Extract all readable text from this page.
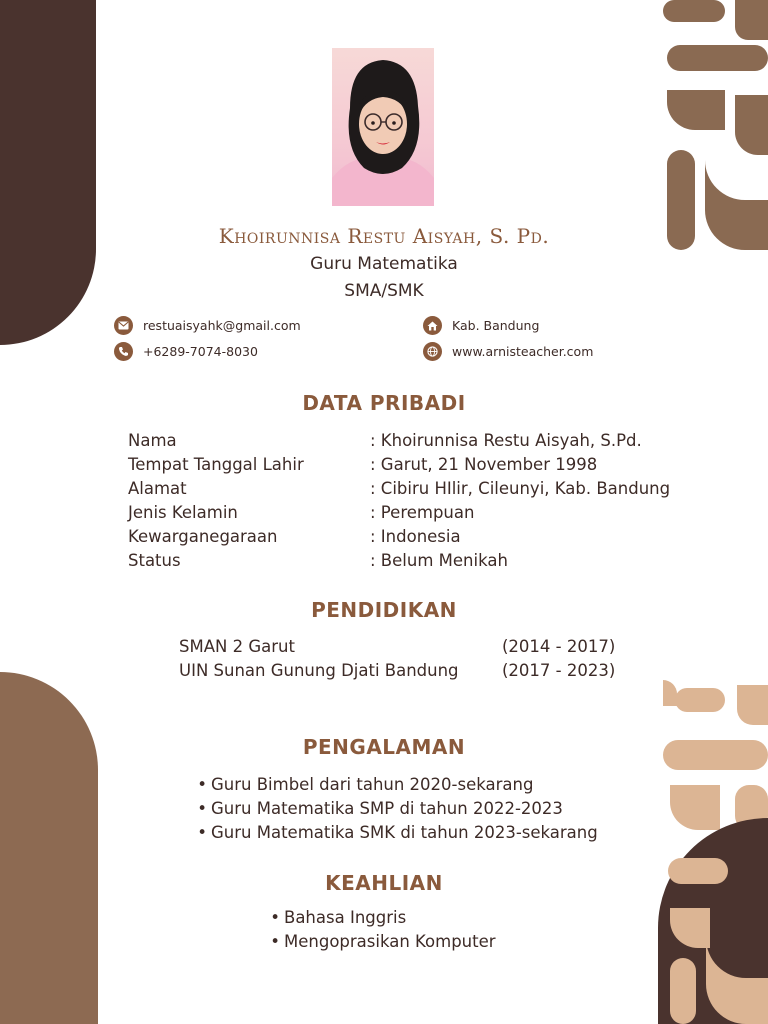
Khoirunnisa Restu Aisyah, S. Pd.
Guru Matematika
SMA/SMK
restuaisyahk@gmail.com
+6289-7074-8030
Kab. Bandung
www.arnisteacher.com
DATA PRIBADI
Nama	: Khoirunnisa Restu Aisyah, S.Pd.
Tempat Tanggal Lahir	: Garut, 21 November 1998
Alamat	: Cibiru HIlir, Cileunyi, Kab. Bandung
Jenis Kelamin	: Perempuan
Kewarganegaraan	: Indonesia
Status	: Belum Menikah
PENDIDIKAN
SMAN 2 Garut	(2014 - 2017)
UIN Sunan Gunung Djati Bandung	(2017 - 2023)
PENGALAMAN
• Guru Bimbel dari tahun 2020-sekarang
• Guru Matematika SMP di tahun 2022-2023
• Guru Matematika SMK di tahun 2023-sekarang
KEAHLIAN
• Bahasa Inggris
• Mengoprasikan Komputer
